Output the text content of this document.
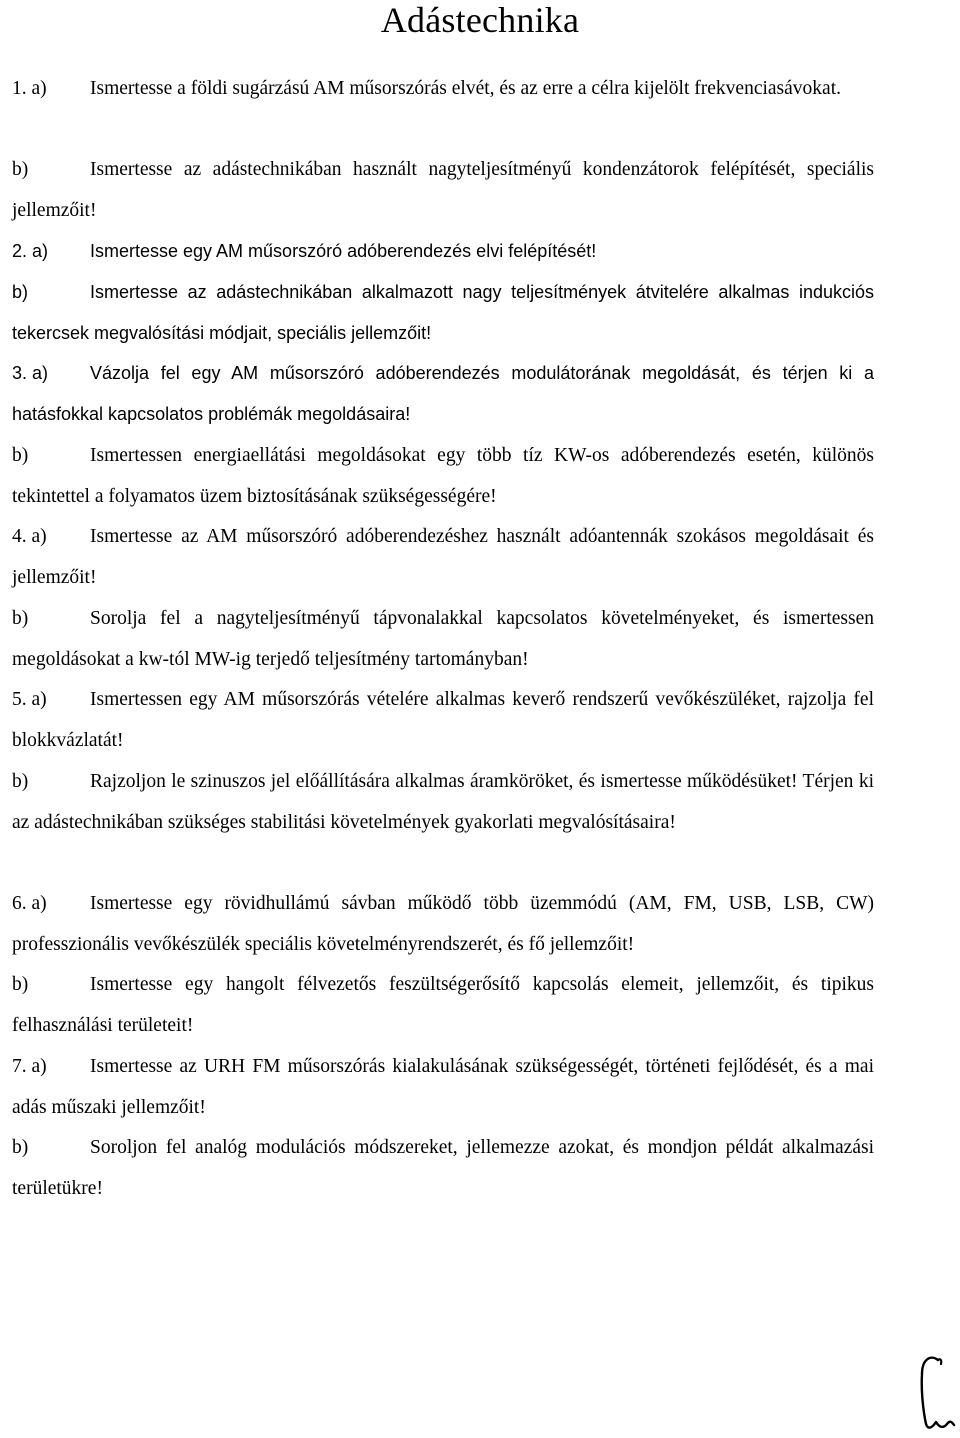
Adástechnika

1. a) Ismertesse a földi sugárzású AM műsorszórás elvét, és az erre a célra kijelölt frekvenciasávokat.

b)	Ismertesse az adástechnikában használt nagyteljesítményű kondenzátorok felépítését, speciális jellemzőit!

2. a) Ismertesse egy AM műsorszóró adóberendezés elvi felépítését!

b)	Ismertesse az adástechnikában alkalmazott nagy teljesítmények átvitelére alkalmas indukciós tekercsek megvalósítási módjait, speciális jellemzőit!

3. a) Vázolja fel egy AM műsorszóró adóberendezés modulátorának megoldását, és térjen ki a hatásfokkal kapcsolatos problémák megoldásaira!

b)	Ismertessen energiaellátási megoldásokat egy több tíz KW-os adóberendezés esetén, különös tekintettel a folyamatos üzem biztosításának szükségességére!

4. a) Ismertesse az AM műsorszóró adóberendezéshez használt adóantennák szokásos megoldásait és jellemzőit!

b)	Sorolja fel a nagyteljesítményű tápvonalakkal kapcsolatos követelményeket, és ismertessen megoldásokat a kw-tól MW-ig terjedő teljesítmény tartományban!

5. a) Ismertessen egy AM műsorszórás vételére alkalmas keverő rendszerű vevőkészüléket, rajzolja fel blokkvázlatát!

b)	Rajzoljon le szinuszos jel előállítására alkalmas áramköröket, és ismertesse működésüket! Térjen ki az adástechnikában szükséges stabilitási követelmények gyakorlati megvalósításaira!

6. a) Ismertesse egy rövidhullámú sávban működő több üzemmódú (AM, FM, USB, LSB, CW) professzionális vevőkészülék speciális követelményrendszerét, és fő jellemzőit!

b)	Ismertesse egy hangolt félvezetős feszültségerősítő kapcsolás elemeit, jellemzőit, és tipikus felhasználási területeit!

7. a) Ismertesse az URH FM műsorszórás kialakulásának szükségességét, történeti fejlődését, és a mai adás műszaki jellemzőit!

b)	Soroljon fel analóg modulációs módszereket, jellemezze azokat, és mondjon példát alkalmazási területükre!
